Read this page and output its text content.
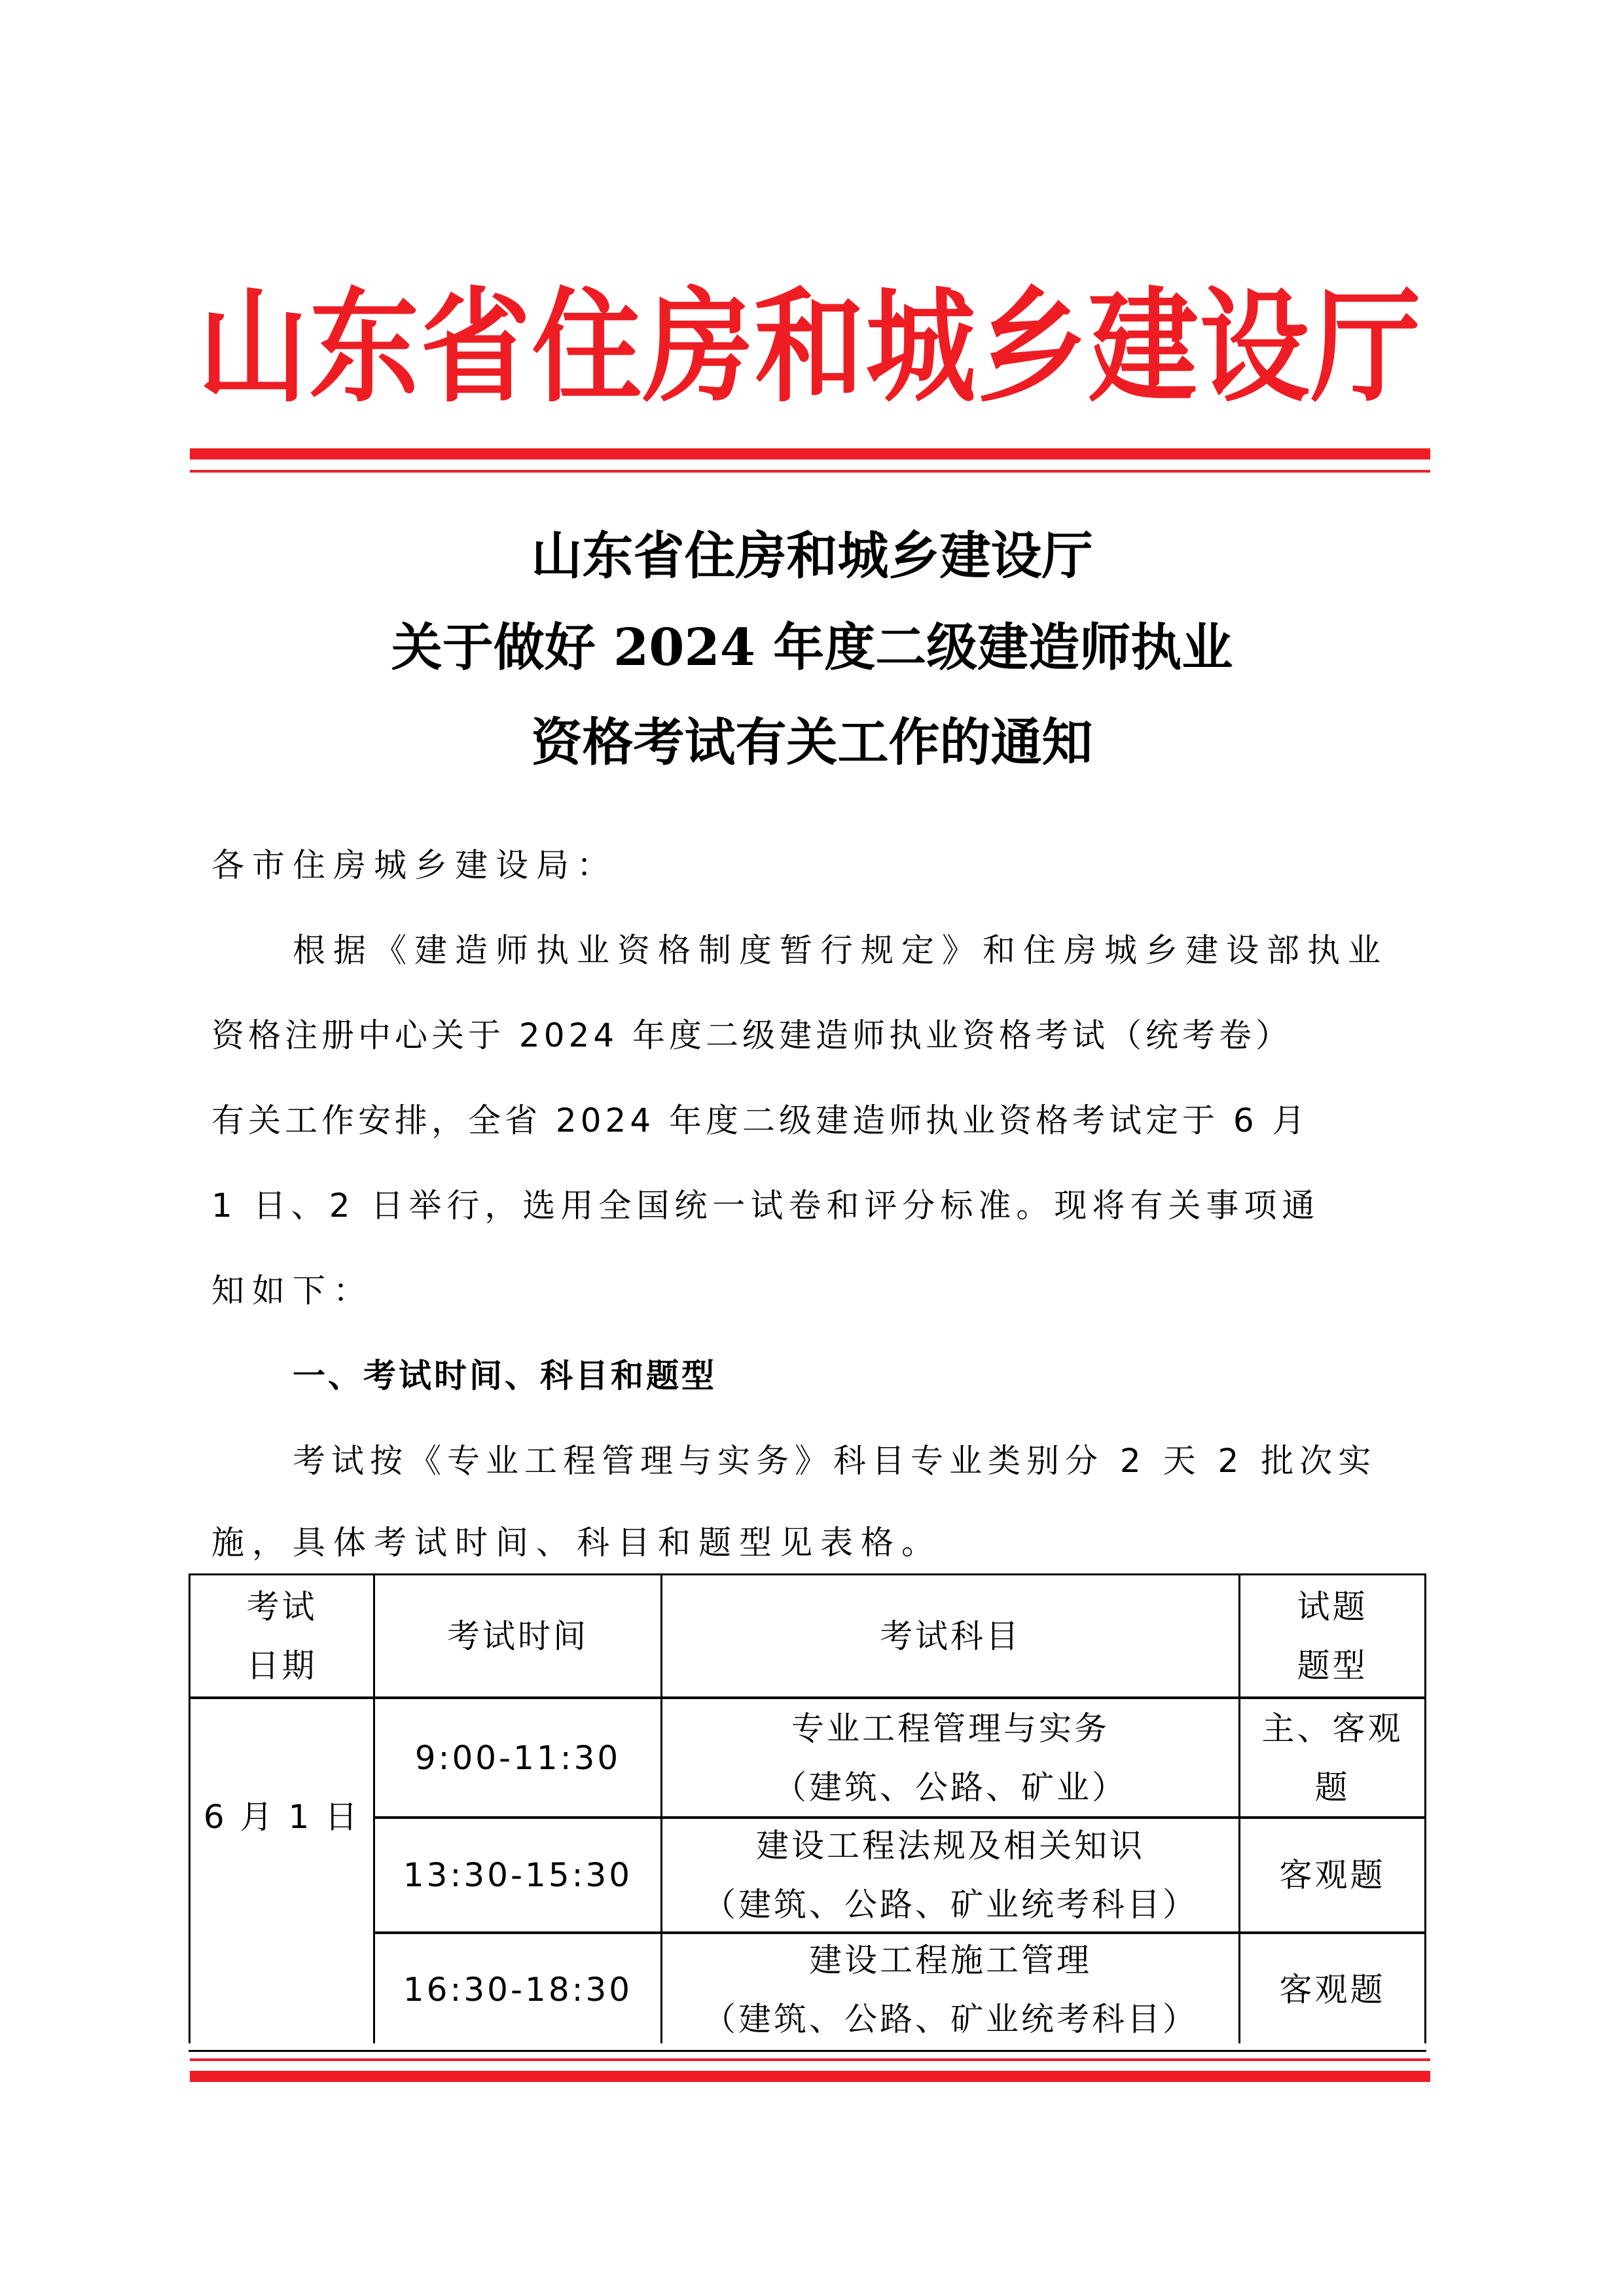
山东省住房和城乡建设厅
山东省住房和城乡建设厅
关于做好 2024 年度二级建造师执业
资格考试有关工作的通知
各市住房城乡建设局：
根据《建造师执业资格制度暂行规定》和住房城乡建设部执业
资格注册中心关于 2024 年度二级建造师执业资格考试（统考卷）
有关工作安排，全省 2024 年度二级建造师执业资格考试定于 6 月
1 日、2 日举行，选用全国统一试卷和评分标准。现将有关事项通
知如下：
一、考试时间、科目和题型
考试按《专业工程管理与实务》科目专业类别分 2 天 2 批次实
施，具体考试时间、科目和题型见表格。
考试
日期
考试时间	考试科目
试题
题型
6 月 1 日
9:00-11:30
专业工程管理与实务
（建筑、公路、矿业）
主、客观
题
13:30-15:30
建设工程法规及相关知识
（建筑、公路、矿业统考科目）
客观题
16:30-18:30
建设工程施工管理
（建筑、公路、矿业统考科目）
客观题
